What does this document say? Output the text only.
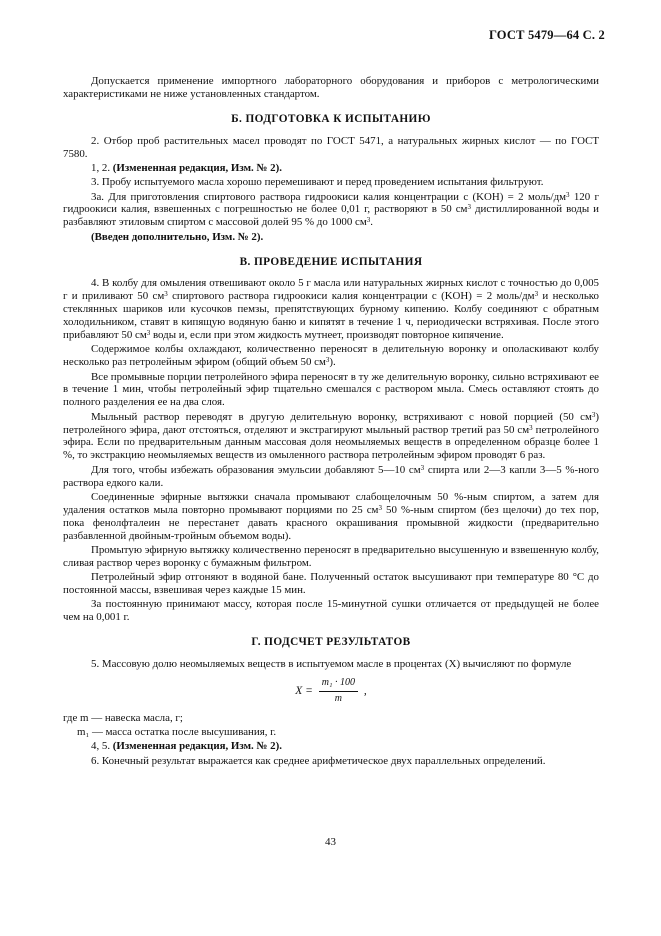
ГОСТ 5479—64 С. 2

Допускается применение импортного лабораторного оборудования и приборов с метрологическими характеристиками не ниже установленных стандартом.

Б. ПОДГОТОВКА К ИСПЫТАНИЮ

2. Отбор проб растительных масел проводят по ГОСТ 5471, а натуральных жирных кислот — по ГОСТ 7580.

1, 2. (Измененная редакция, Изм. № 2).

3. Пробу испытуемого масла хорошо перемешивают и перед проведением испытания фильтруют.

3а. Для приготовления спиртового раствора гидроокиси калия концентрации c (KOH) = 2 моль/$дм^3$ 120 г гидроокиси калия, взвешенных с погрешностью не более 0,01 г, растворяют в 50 $см^3$ дистиллированной воды и разбавляют этиловым спиртом с массовой долей 95 % до 1000 $см^3$.

(Введен дополнительно, Изм. № 2).

В. ПРОВЕДЕНИЕ ИСПЫТАНИЯ

4. В колбу для омыления отвешивают около 5 г масла или натуральных жирных кислот с точностью до 0,005 г и приливают 50 $см^3$ спиртового раствора гидроокиси калия концентрации c (KOH) = 2 моль/$дм^3$ и несколько стеклянных шариков или кусочков пемзы, препятствующих бурному кипению. Колбу соединяют с обратным холодильником, ставят в кипящую водяную баню и кипятят в течение 1 ч, периодически встряхивая. После этого прибавляют 50 $см^3$ воды и, если при этом жидкость мутнеет, производят повторное кипячение.

Содержимое колбы охлаждают, количественно переносят в делительную воронку и ополаскивают колбу несколько раз петролейным эфиром (общий объем 50 $см^3$).

Все промывные порции петролейного эфира переносят в ту же делительную воронку, сильно встряхивают ее в течение 1 мин, чтобы петролейный эфир тщательно смешался с раствором мыла. Смесь оставляют стоять до полного разделения ее на два слоя.

Мыльный раствор переводят в другую делительную воронку, встряхивают с новой порцией (50 $см^3$) петролейного эфира, дают отстояться, отделяют и экстрагируют мыльный раствор третий раз 50 $см^3$ петролейного эфира. Если по предварительным данным массовая доля неомыляемых веществ в определенном образце более 1 %, то экстракцию неомыляемых веществ из омыленного раствора петролейным эфиром проводят 6 раз.

Для того, чтобы избежать образования эмульсии добавляют 5—10 $см^3$ спирта или 2—3 капли 3—5 %-ного раствора едкого кали.

Соединенные эфирные вытяжки сначала промывают слабощелочным 50 %-ным спиртом, а затем для удаления остатков мыла повторно промывают порциями по 25 $см^3$ 50 %-ным спиртом (без щелочи) до тех пор, пока фенолфталеин не перестанет давать красного окрашивания промывной жидкости (предварительно разбавленной двойным-тройным объемом воды).

Промытую эфирную вытяжку количественно переносят в предварительно высушенную и взвешенную колбу, сливая раствор через воронку с бумажным фильтром.

Петролейный эфир отгоняют в водяной бане. Полученный остаток высушивают при температуре 80 °С до постоянной массы, взвешивая через каждые 15 мин.

За постоянную принимают массу, которая после 15-минутной сушки отличается от предыдущей не более чем на 0,001 г.

Г. ПОДСЧЕТ РЕЗУЛЬТАТОВ

5. Массовую долю неомыляемых веществ в испытуемом масле в процентах (X) вычисляют по формуле

$X = \frac{\text{m₁ · 100}}{m}$ ,

где m — навеска масла, г;

m₁ — масса остатка после высушивания, г.

4, 5. (Измененная редакция, Изм. № 2).

6. Конечный результат выражается как среднее арифметическое двух параллельных определений.

43
